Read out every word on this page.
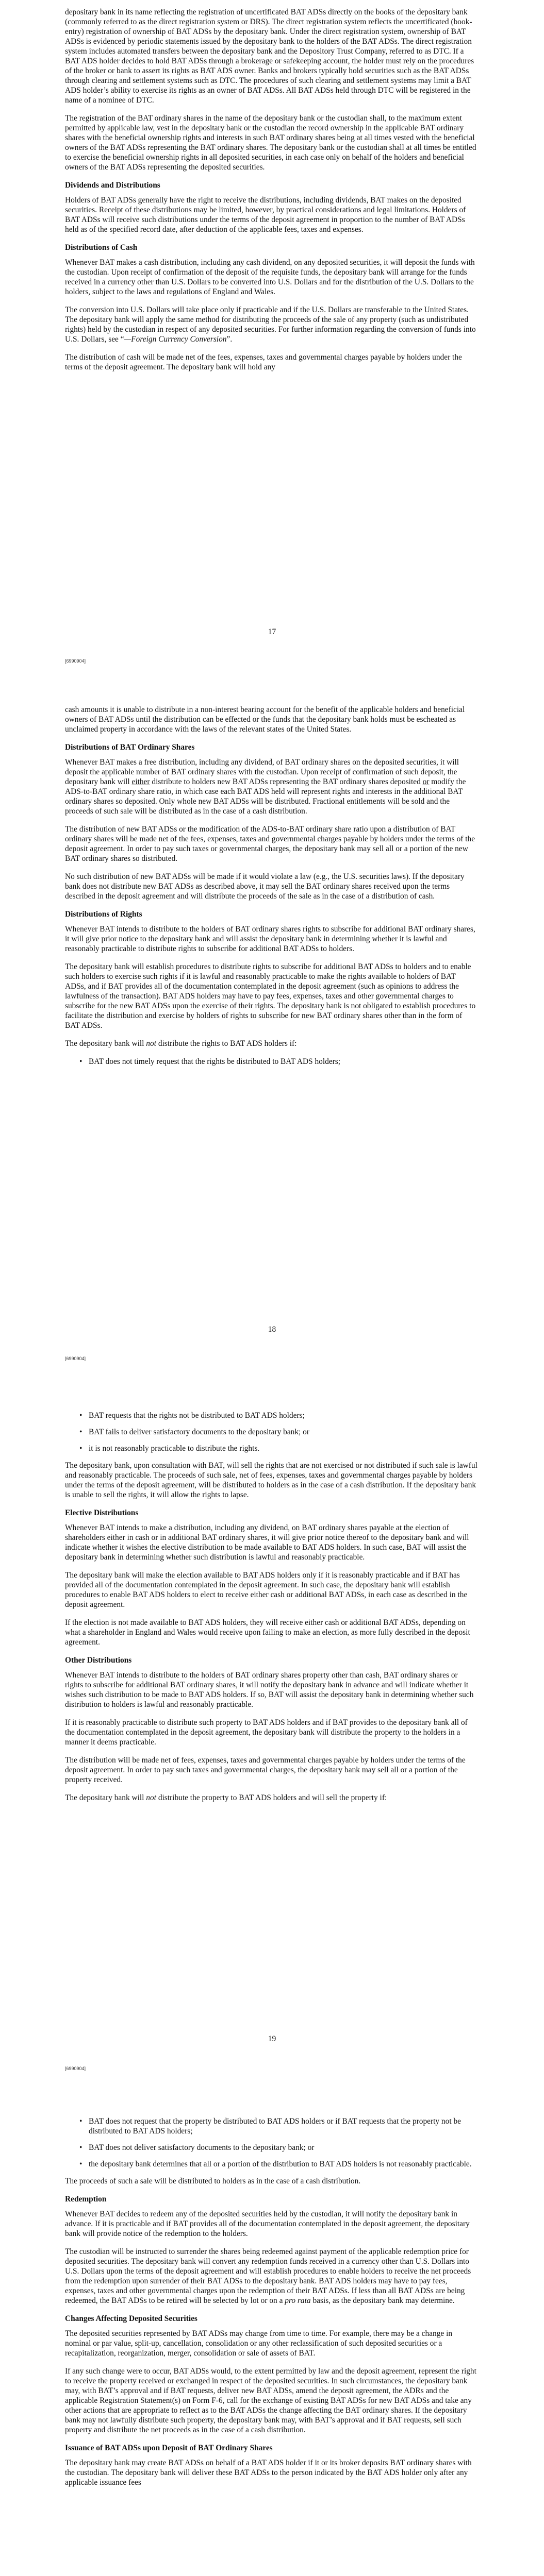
depositary bank in its name reflecting the registration of uncertificated BAT ADSs directly on the books of the depositary bank (commonly referred to as the direct registration system or DRS). The direct registration system reflects the uncertificated (book-entry) registration of ownership of BAT ADSs by the depositary bank. Under the direct registration system, ownership of BAT ADSs is evidenced by periodic statements issued by the depositary bank to the holders of the BAT ADSs. The direct registration system includes automated transfers between the depositary bank and the Depository Trust Company, referred to as DTC. If a BAT ADS holder decides to hold BAT ADSs through a brokerage or safekeeping account, the holder must rely on the procedures of the broker or bank to assert its rights as BAT ADS owner. Banks and brokers typically hold securities such as the BAT ADSs through clearing and settlement systems such as DTC. The procedures of such clearing and settlement systems may limit a BAT ADS holder’s ability to exercise its rights as an owner of BAT ADSs. All BAT ADSs held through DTC will be registered in the name of a nominee of DTC.

The registration of the BAT ordinary shares in the name of the depositary bank or the custodian shall, to the maximum extent permitted by applicable law, vest in the depositary bank or the custodian the record ownership in the applicable BAT ordinary shares with the beneficial ownership rights and interests in such BAT ordinary shares being at all times vested with the beneficial owners of the BAT ADSs representing the BAT ordinary shares. The depositary bank or the custodian shall at all times be entitled to exercise the beneficial ownership rights in all deposited securities, in each case only on behalf of the holders and beneficial owners of the BAT ADSs representing the deposited securities.

Dividends and Distributions

Holders of BAT ADSs generally have the right to receive the distributions, including dividends, BAT makes on the deposited securities. Receipt of these distributions may be limited, however, by practical considerations and legal limitations. Holders of BAT ADSs will receive such distributions under the terms of the deposit agreement in proportion to the number of BAT ADSs held as of the specified record date, after deduction of the applicable fees, taxes and expenses.

Distributions of Cash

Whenever BAT makes a cash distribution, including any cash dividend, on any deposited securities, it will deposit the funds with the custodian. Upon receipt of confirmation of the deposit of the requisite funds, the depositary bank will arrange for the funds received in a currency other than U.S. Dollars to be converted into U.S. Dollars and for the distribution of the U.S. Dollars to the holders, subject to the laws and regulations of England and Wales.

The conversion into U.S. Dollars will take place only if practicable and if the U.S. Dollars are transferable to the United States. The depositary bank will apply the same method for distributing the proceeds of the sale of any property (such as undistributed rights) held by the custodian in respect of any deposited securities. For further information regarding the conversion of funds into U.S. Dollars, see “—Foreign Currency Conversion”.

The distribution of cash will be made net of the fees, expenses, taxes and governmental charges payable by holders under the terms of the deposit agreement. The depositary bank will hold any

17
[6990904]

cash amounts it is unable to distribute in a non-interest bearing account for the benefit of the applicable holders and beneficial owners of BAT ADSs until the distribution can be effected or the funds that the depositary bank holds must be escheated as unclaimed property in accordance with the laws of the relevant states of the United States.

Distributions of BAT Ordinary Shares

Whenever BAT makes a free distribution, including any dividend, of BAT ordinary shares on the deposited securities, it will deposit the applicable number of BAT ordinary shares with the custodian. Upon receipt of confirmation of such deposit, the depositary bank will either distribute to holders new BAT ADSs representing the BAT ordinary shares deposited or modify the ADS-to-BAT ordinary share ratio, in which case each BAT ADS held will represent rights and interests in the additional BAT ordinary shares so deposited. Only whole new BAT ADSs will be distributed. Fractional entitlements will be sold and the proceeds of such sale will be distributed as in the case of a cash distribution.

The distribution of new BAT ADSs or the modification of the ADS-to-BAT ordinary share ratio upon a distribution of BAT ordinary shares will be made net of the fees, expenses, taxes and governmental charges payable by holders under the terms of the deposit agreement. In order to pay such taxes or governmental charges, the depositary bank may sell all or a portion of the new BAT ordinary shares so distributed.

No such distribution of new BAT ADSs will be made if it would violate a law (e.g., the U.S. securities laws). If the depositary bank does not distribute new BAT ADSs as described above, it may sell the BAT ordinary shares received upon the terms described in the deposit agreement and will distribute the proceeds of the sale as in the case of a distribution of cash.

Distributions of Rights

Whenever BAT intends to distribute to the holders of BAT ordinary shares rights to subscribe for additional BAT ordinary shares, it will give prior notice to the depositary bank and will assist the depositary bank in determining whether it is lawful and reasonably practicable to distribute rights to subscribe for additional BAT ADSs to holders.

The depositary bank will establish procedures to distribute rights to subscribe for additional BAT ADSs to holders and to enable such holders to exercise such rights if it is lawful and reasonably practicable to make the rights available to holders of BAT ADSs, and if BAT provides all of the documentation contemplated in the deposit agreement (such as opinions to address the lawfulness of the transaction). BAT ADS holders may have to pay fees, expenses, taxes and other governmental charges to subscribe for the new BAT ADSs upon the exercise of their rights. The depositary bank is not obligated to establish procedures to facilitate the distribution and exercise by holders of rights to subscribe for new BAT ordinary shares other than in the form of BAT ADSs.

The depositary bank will not distribute the rights to BAT ADS holders if:

• BAT does not timely request that the rights be distributed to BAT ADS holders;
18
[6990904]
• BAT requests that the rights not be distributed to BAT ADS holders;
• BAT fails to deliver satisfactory documents to the depositary bank; or
• it is not reasonably practicable to distribute the rights.

The depositary bank, upon consultation with BAT, will sell the rights that are not exercised or not distributed if such sale is lawful and reasonably practicable. The proceeds of such sale, net of fees, expenses, taxes and governmental charges payable by holders under the terms of the deposit agreement, will be distributed to holders as in the case of a cash distribution. If the depositary bank is unable to sell the rights, it will allow the rights to lapse.

Elective Distributions

Whenever BAT intends to make a distribution, including any dividend, on BAT ordinary shares payable at the election of shareholders either in cash or in additional BAT ordinary shares, it will give prior notice thereof to the depositary bank and will indicate whether it wishes the elective distribution to be made available to BAT ADS holders. In such case, BAT will assist the depositary bank in determining whether such distribution is lawful and reasonably practicable.

The depositary bank will make the election available to BAT ADS holders only if it is reasonably practicable and if BAT has provided all of the documentation contemplated in the deposit agreement. In such case, the depositary bank will establish procedures to enable BAT ADS holders to elect to receive either cash or additional BAT ADSs, in each case as described in the deposit agreement.

If the election is not made available to BAT ADS holders, they will receive either cash or additional BAT ADSs, depending on what a shareholder in England and Wales would receive upon failing to make an election, as more fully described in the deposit agreement.

Other Distributions

Whenever BAT intends to distribute to the holders of BAT ordinary shares property other than cash, BAT ordinary shares or rights to subscribe for additional BAT ordinary shares, it will notify the depositary bank in advance and will indicate whether it wishes such distribution to be made to BAT ADS holders. If so, BAT will assist the depositary bank in determining whether such distribution to holders is lawful and reasonably practicable.

If it is reasonably practicable to distribute such property to BAT ADS holders and if BAT provides to the depositary bank all of the documentation contemplated in the deposit agreement, the depositary bank will distribute the property to the holders in a manner it deems practicable.

The distribution will be made net of fees, expenses, taxes and governmental charges payable by holders under the terms of the deposit agreement. In order to pay such taxes and governmental charges, the depositary bank may sell all or a portion of the property received.

The depositary bank will not distribute the property to BAT ADS holders and will sell the property if:

19
[6990904]
• BAT does not request that the property be distributed to BAT ADS holders or if BAT requests that the property not be distributed to BAT ADS holders;
• BAT does not deliver satisfactory documents to the depositary bank; or
• the depositary bank determines that all or a portion of the distribution to BAT ADS holders is not reasonably practicable.

The proceeds of such a sale will be distributed to holders as in the case of a cash distribution.

Redemption

Whenever BAT decides to redeem any of the deposited securities held by the custodian, it will notify the depositary bank in advance. If it is practicable and if BAT provides all of the documentation contemplated in the deposit agreement, the depositary bank will provide notice of the redemption to the holders.

The custodian will be instructed to surrender the shares being redeemed against payment of the applicable redemption price for deposited securities. The depositary bank will convert any redemption funds received in a currency other than U.S. Dollars into U.S. Dollars upon the terms of the deposit agreement and will establish procedures to enable holders to receive the net proceeds from the redemption upon surrender of their BAT ADSs to the depositary bank. BAT ADS holders may have to pay fees, expenses, taxes and other governmental charges upon the redemption of their BAT ADSs. If less than all BAT ADSs are being redeemed, the BAT ADSs to be retired will be selected by lot or on a pro rata basis, as the depositary bank may determine.

Changes Affecting Deposited Securities

The deposited securities represented by BAT ADSs may change from time to time. For example, there may be a change in nominal or par value, split-up, cancellation, consolidation or any other reclassification of such deposited securities or a recapitalization, reorganization, merger, consolidation or sale of assets of BAT.

If any such change were to occur, BAT ADSs would, to the extent permitted by law and the deposit agreement, represent the right to receive the property received or exchanged in respect of the deposited securities. In such circumstances, the depositary bank may, with BAT’s approval and if BAT requests, deliver new BAT ADSs, amend the deposit agreement, the ADRs and the applicable Registration Statement(s) on Form F-6, call for the exchange of existing BAT ADSs for new BAT ADSs and take any other actions that are appropriate to reflect as to the BAT ADSs the change affecting the BAT ordinary shares. If the depositary bank may not lawfully distribute such property, the depositary bank may, with BAT’s approval and if BAT requests, sell such property and distribute the net proceeds as in the case of a cash distribution.

Issuance of BAT ADSs upon Deposit of BAT Ordinary Shares

The depositary bank may create BAT ADSs on behalf of a BAT ADS holder if it or its broker deposits BAT ordinary shares with the custodian. The depositary bank will deliver these BAT ADSs to the person indicated by the BAT ADS holder only after any applicable issuance fees
